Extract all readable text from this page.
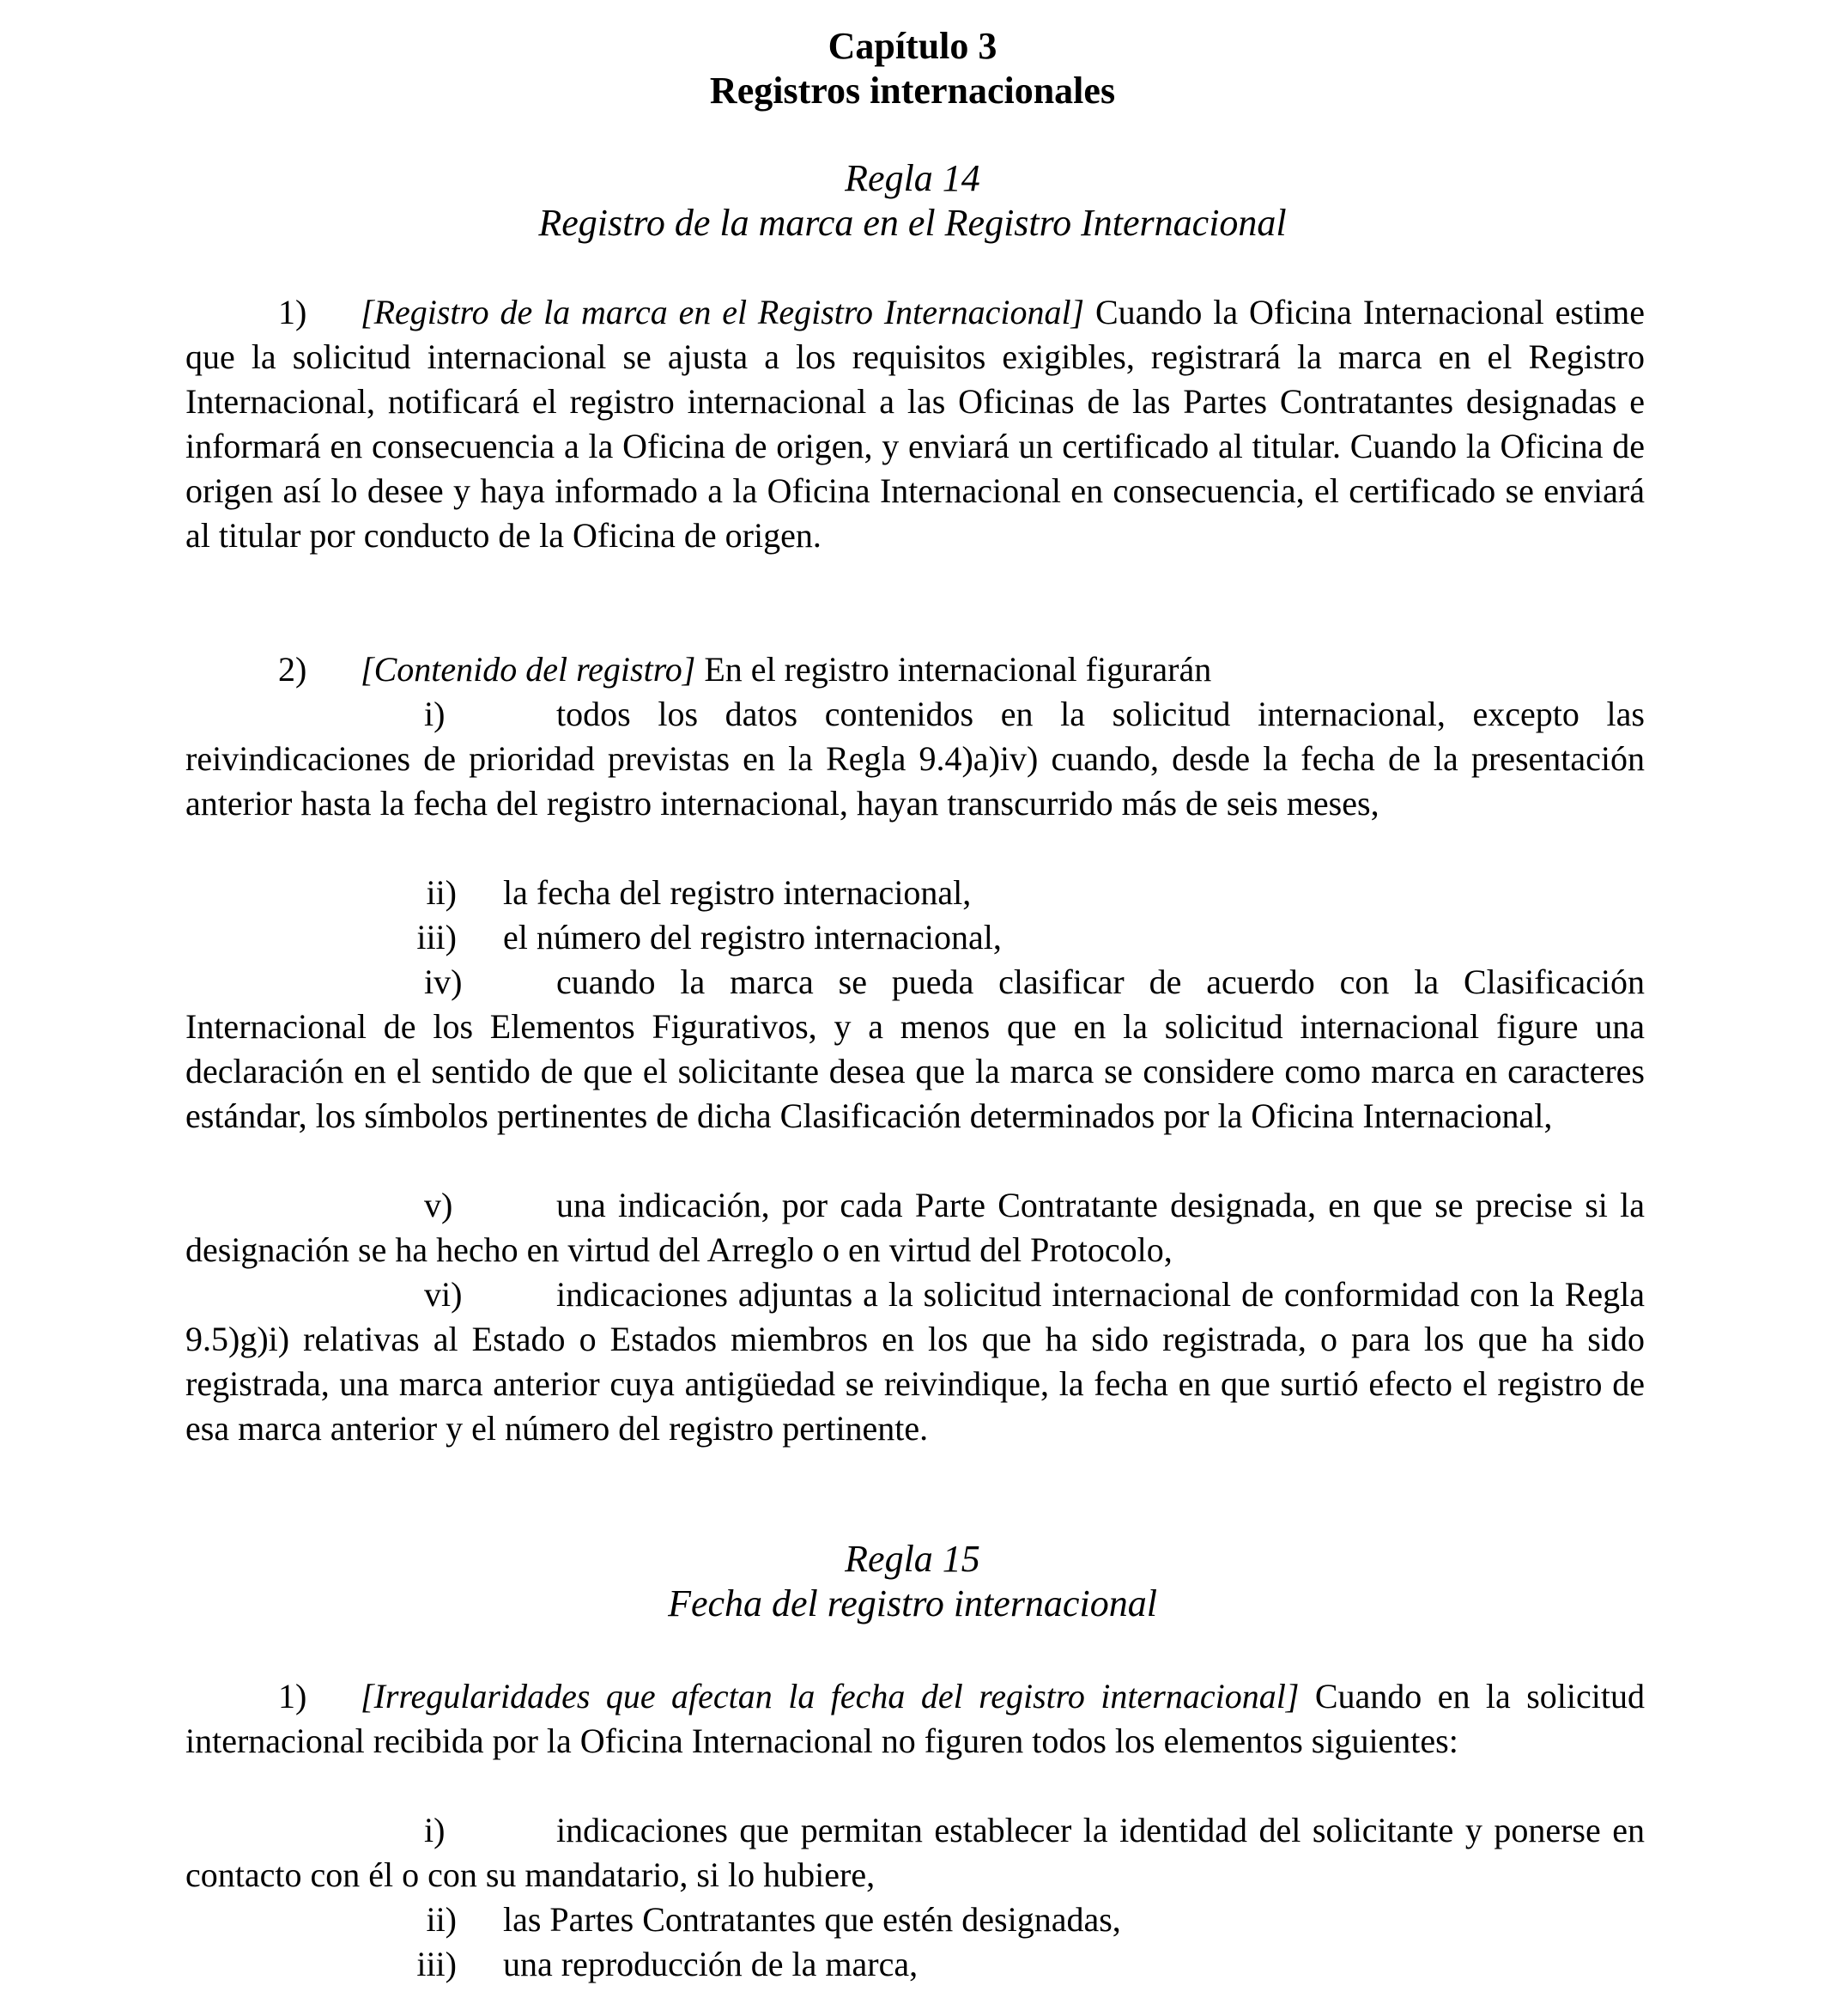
Capítulo 3
Registros internacionales
Regla 14
Registro de la marca en el Registro Internacional
1) [Registro de la marca en el Registro Internacional] Cuando la Oficina Internacional estime que la solicitud internacional se ajusta a los requisitos exigibles, registrará la marca en el Registro Internacional, notificará el registro internacional a las Oficinas de las Partes Contratantes designadas e informará en consecuencia a la Oficina de origen, y enviará un certificado al titular. Cuando la Oficina de origen así lo desee y haya informado a la Oficina Internacional en consecuencia, el certificado se enviará al titular por conducto de la Oficina de origen.
2) [Contenido del registro] En el registro internacional figurarán
i)	todos los datos contenidos en la solicitud internacional, excepto las reivindicaciones de prioridad previstas en la Regla 9.4)a)iv) cuando, desde la fecha de la presentación anterior hasta la fecha del registro internacional, hayan transcurrido más de seis meses,
ii) la fecha del registro internacional,
iii) el número del registro internacional,
iv)	cuando la marca se pueda clasificar de acuerdo con la Clasificación Internacional de los Elementos Figurativos, y a menos que en la solicitud internacional figure una declaración en el sentido de que el solicitante desea que la marca se considere como marca en caracteres estándar, los símbolos pertinentes de dicha Clasificación determinados por la Oficina Internacional,
v)	una indicación, por cada Parte Contratante designada, en que se precise si la designación se ha hecho en virtud del Arreglo o en virtud del Protocolo,
vi)	indicaciones adjuntas a la solicitud internacional de conformidad con la Regla 9.5)g)i) relativas al Estado o Estados miembros en los que ha sido registrada, o para los que ha sido registrada, una marca anterior cuya antigüedad se reivindique, la fecha en que surtió efecto el registro de esa marca anterior y el número del registro pertinente.
Regla 15
Fecha del registro internacional
1) [Irregularidades que afectan la fecha del registro internacional] Cuando en la solicitud internacional recibida por la Oficina Internacional no figuren todos los elementos siguientes:
i)	indicaciones que permitan establecer la identidad del solicitante y ponerse en contacto con él o con su mandatario, si lo hubiere,
ii) las Partes Contratantes que estén designadas,
iii) una reproducción de la marca,
